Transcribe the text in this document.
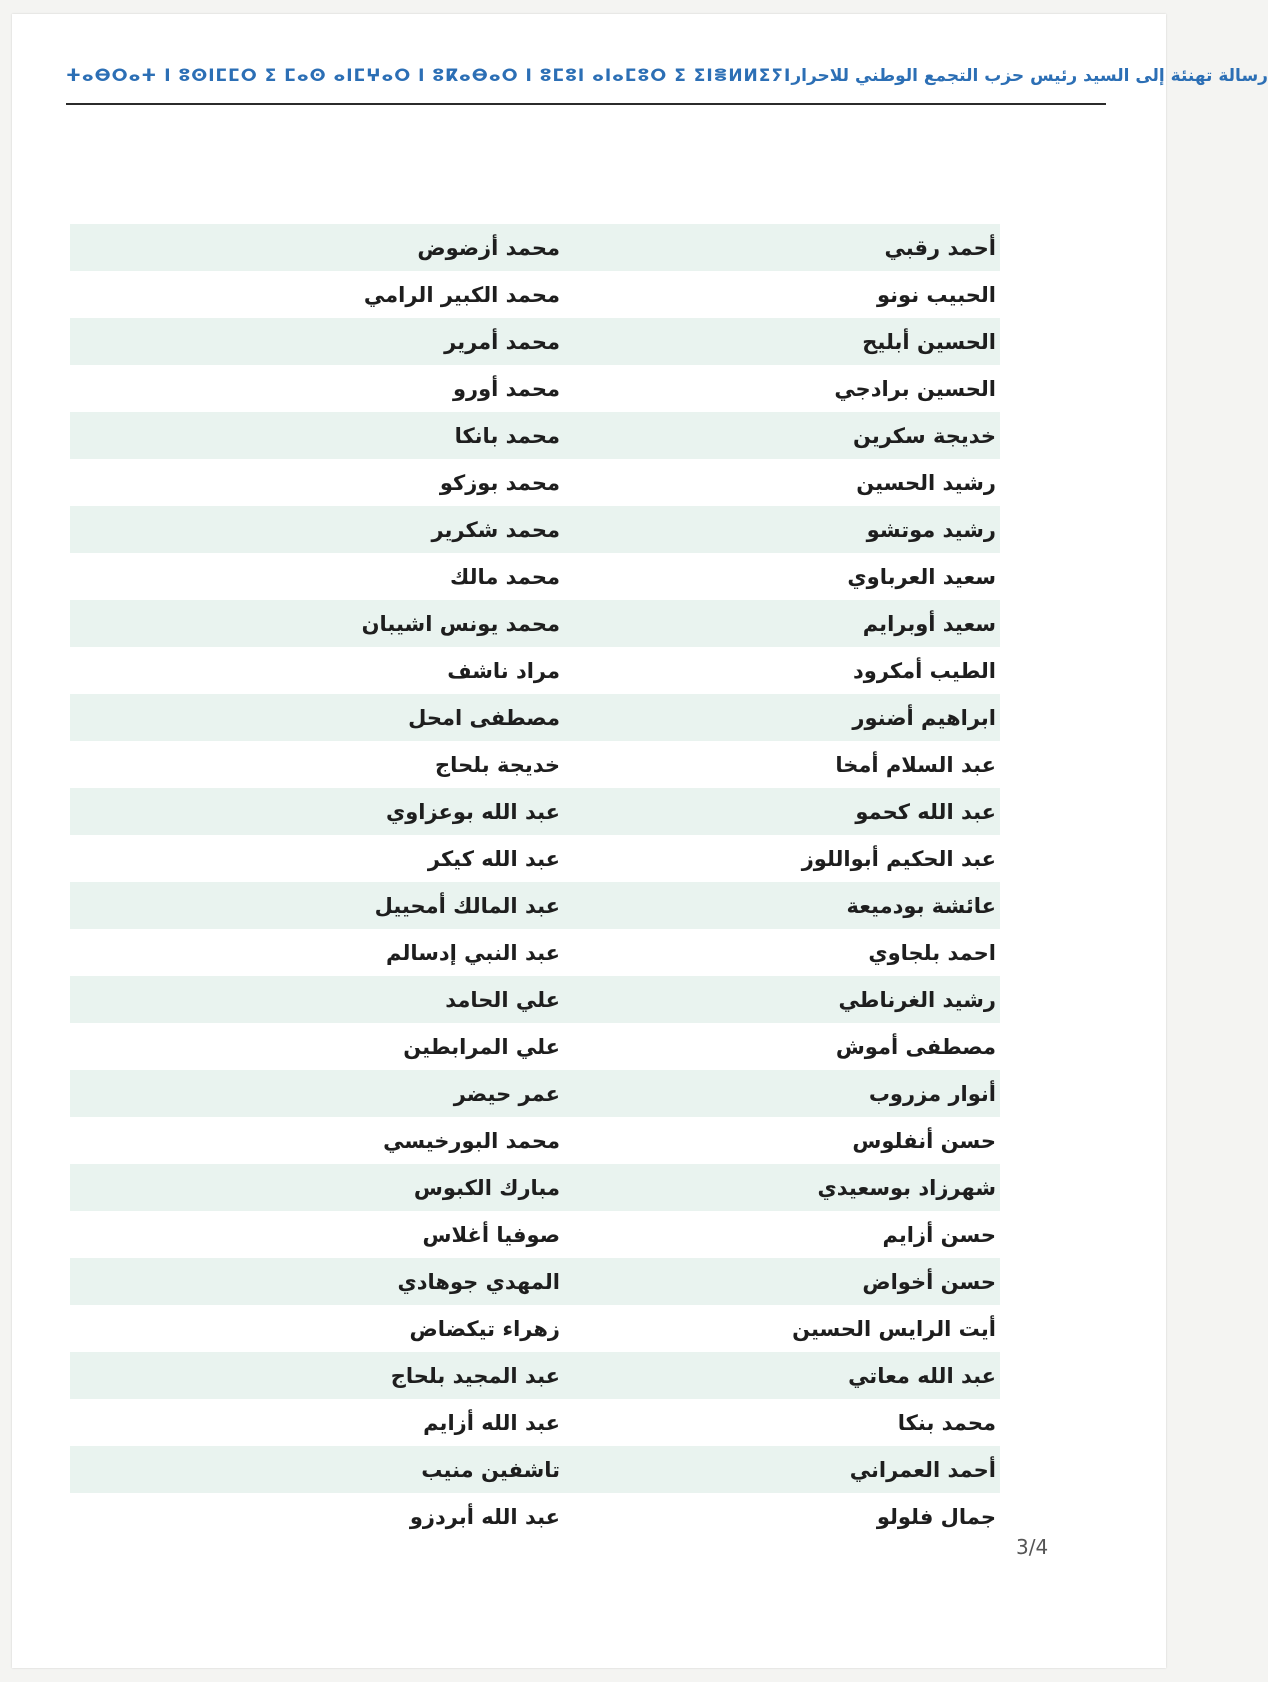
ⵜⴰⴱⵔⴰⵜ ⵏ ⵓⵙⵏⵎⵎⵔ ⵉ ⵎⴰⵙ ⴰⵏⵎⵖⴰⵔ ⵏ ⵓⴽⴰⴱⴰⵔ ⵏ ⵓⵎⵓⵏ ⴰⵏⴰⵎⵓⵔ ⵉ ⵉⵏⴻⵍⵍⵉⵢⵏ رسالة تهنئة إلى السيد رئيس حزب التجمع الوطني للاحرار
أحمد رقبي
محمد أزضوض
الحبيب نونو
محمد الكبير الرامي
الحسين أبليح
محمد أمرير
الحسين برادجي
محمد أورو
خديجة سكرين
محمد بانكا
رشيد الحسين
محمد بوزكو
رشيد موتشو
محمد شكرير
سعيد العرباوي
محمد مالك
سعيد أوبرايم
محمد يونس اشيبان
الطيب أمكرود
مراد ناشف
ابراهيم أضنور
مصطفى امحل
عبد السلام أمخا
خديجة بلحاج
عبد الله كحمو
عبد الله بوعزاوي
عبد الحكيم أبواللوز
عبد الله كيكر
عائشة بودميعة
عبد المالك أمحييل
احمد بلجاوي
عبد النبي إدسالم
رشيد الغرناطي
علي الحامد
مصطفى أموش
علي المرابطين
أنوار مزروب
عمر حيضر
حسن أنفلوس
محمد البورخيسي
شهرزاد بوسعيدي
مبارك الكبوس
حسن أزايم
صوفيا أغلاس
حسن أخواض
المهدي جوهادي
أيت الرايس الحسين
زهراء تيكضاض
عبد الله معاتي
عبد المجيد بلحاج
محمد بنكا
عبد الله أزايم
أحمد العمراني
تاشفين منيب
جمال فلولو
عبد الله أبردزو
3/4
